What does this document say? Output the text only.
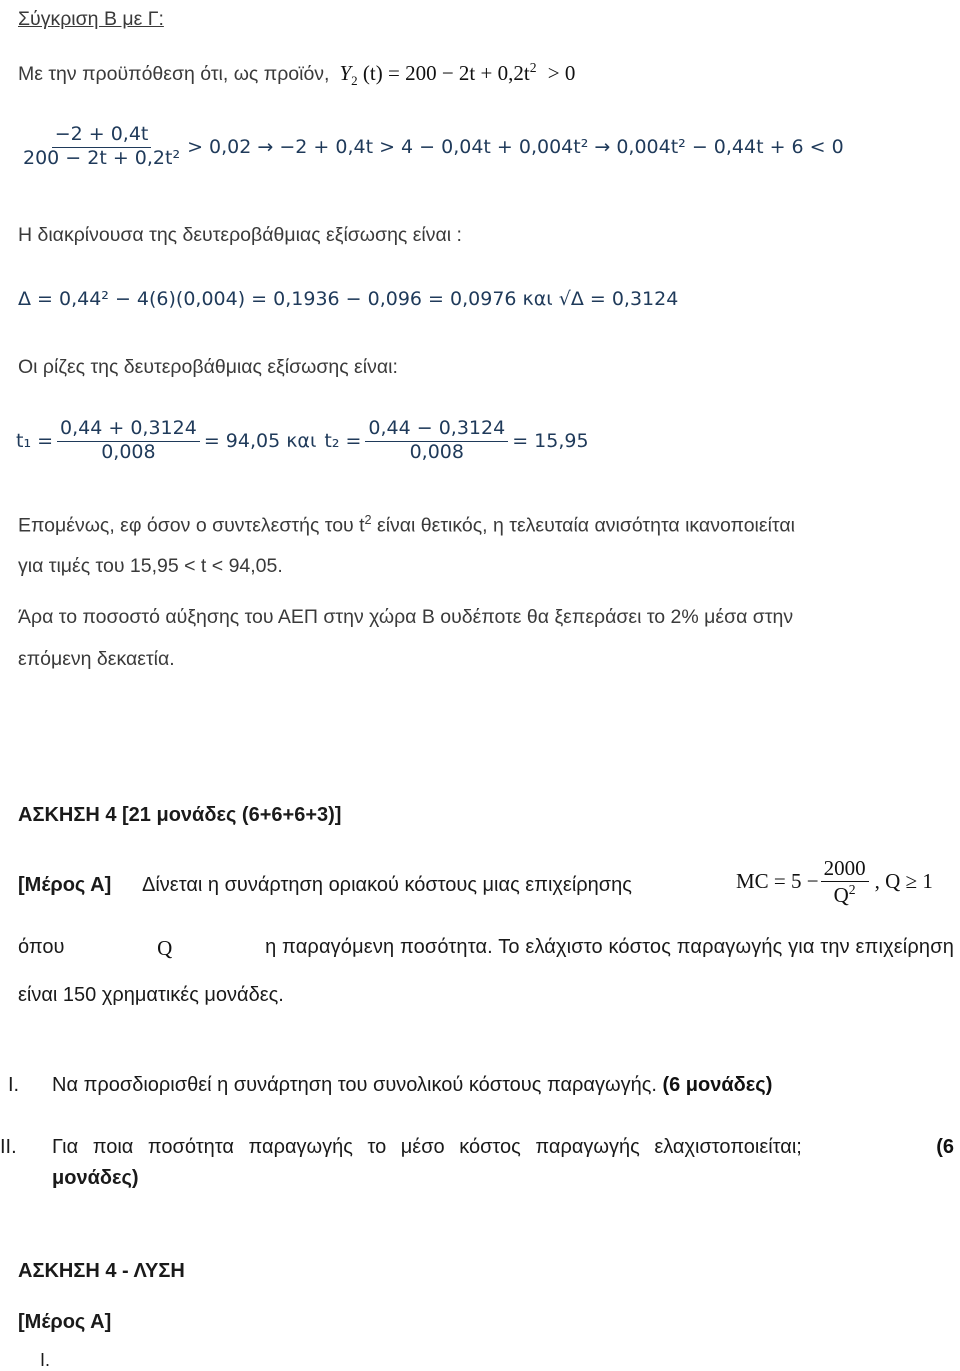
Σύγκριση Β με Γ:
Με την προϋπόθεση ότι, ως προϊόν, $Y_2$ $(t) = 200 - 2t + 0,2t^2 > 0$
$\frac{-2 + 0,4t}{\text{200 − 2t + 0,2t²}} > 0,02 \to -2 + 0,4t > 4 - 0,04t + 0,004t^2 \to 0,004t^2 - 0,44t + 6 < 0$
Η διακρίνουσα της δευτεροβάθμιας εξίσωσης είναι :
Δ = 0,44² − 4(6)(0,004) = 0,1936 − 0,096 = 0,0976 και √Δ = 0,3124
Οι ρίζες της δευτεροβάθμιας εξίσωσης είναι:
$t_1 = \frac{0,44 + 0,3124}{0,008} = 94,05$ και $t_2 = \frac{0,44 - 0,3124}{0,008} = 15,95$
Επομένως, εφ όσον ο συντελεστής του $t^2$ είναι θετικός, η τελευταία ανισότητα ικανοποιείται
για τιμές του 15,95 < t < 94,05.
Άρα το ποσοστό αύξησης του ΑΕΠ στην χώρα Β ουδέποτε θα ξεπεράσει το 2% μέσα στην
επόμενη δεκαετία.
ΑΣΚΗΣΗ 4 [21 μονάδες (6+6+6+3)]
[Μέρος Α] Δίνεται η συνάρτηση οριακού κόστους μιας επιχείρησης	MC = $5 - \frac{2000}{Q^2}$ , Q ≥ 1
όπου	Q	η παραγόμενη ποσότητα. Το ελάχιστο κόστος παραγωγής για την επιχείρηση
είναι 150 χρηματικές μονάδες.
I. Να προσδιορισθεί η συνάρτηση του συνολικού κόστους παραγωγής. (6 μονάδες)
II. Για ποια ποσότητα παραγωγής το μέσο κόστος παραγωγής ελαχιστοποιείται;	(6
μονάδες)
ΑΣΚΗΣΗ 4 - ΛΥΣΗ
[Μέρος Α]
I.
